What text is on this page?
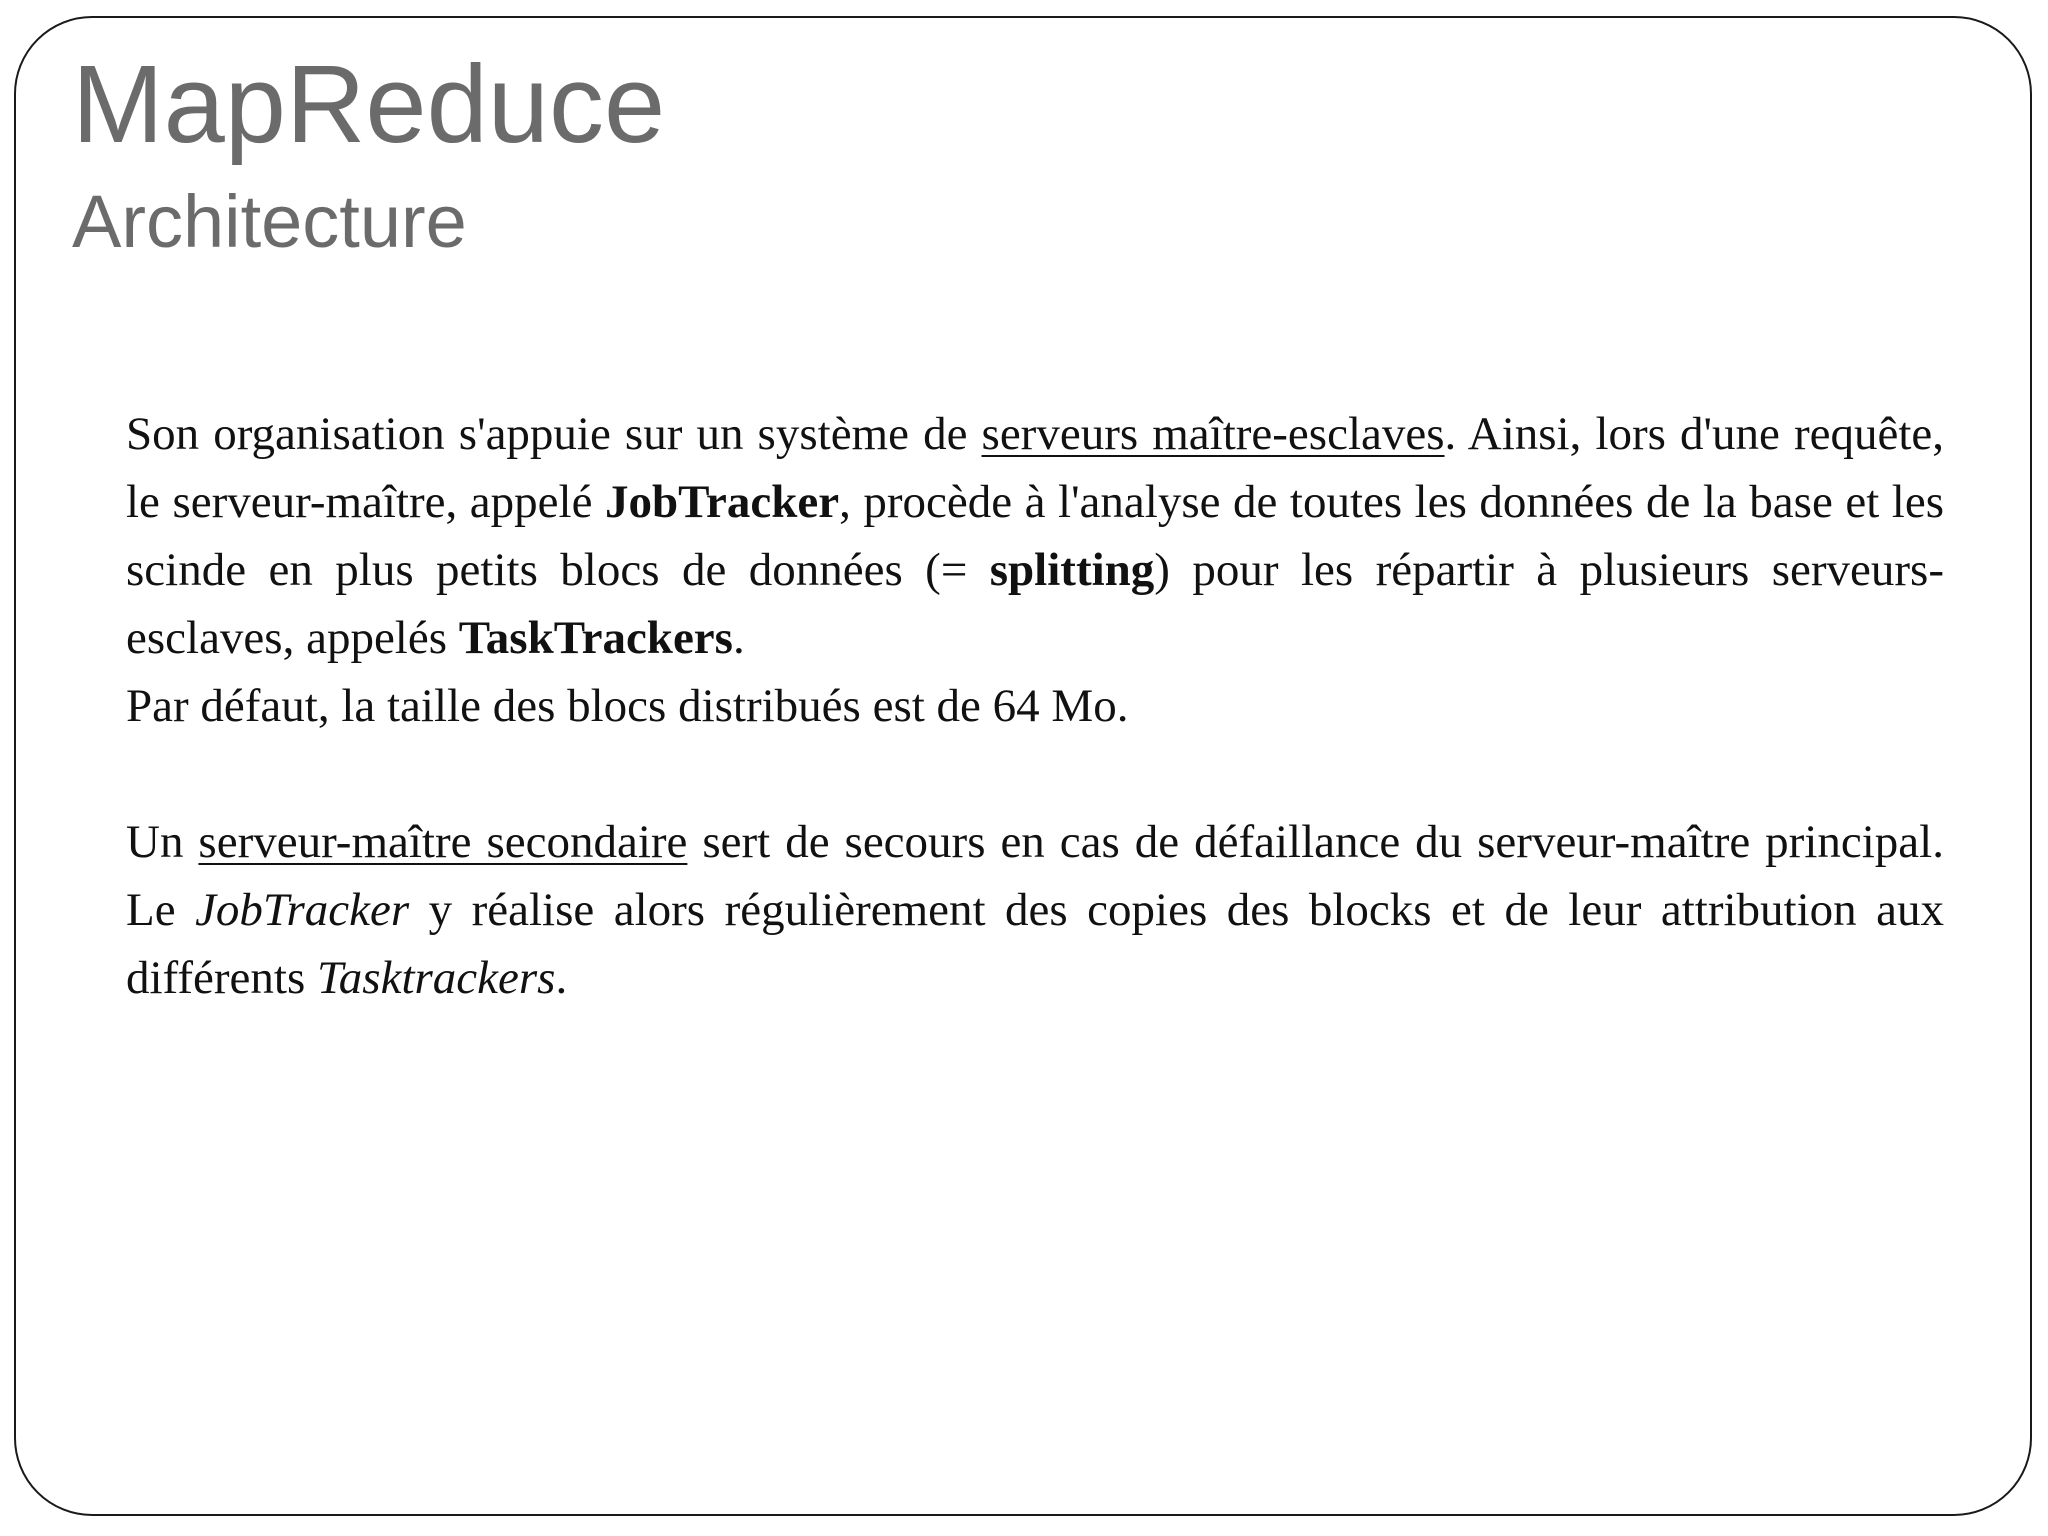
MapReduce
Architecture

Son organisation s'appuie sur un système de serveurs maître-esclaves. Ainsi, lors d'une requête, le serveur-maître, appelé JobTracker, procède à l'analyse de toutes les données de la base et les scinde en plus petits blocs de données (= splitting) pour les répartir à plusieurs serveurs-esclaves, appelés TaskTrackers.

Par défaut, la taille des blocs distribués est de 64 Mo.

Un serveur-maître secondaire sert de secours en cas de défaillance du serveur-maître principal. Le JobTracker y réalise alors régulièrement des copies des blocks et de leur attribution aux différents Tasktrackers.
